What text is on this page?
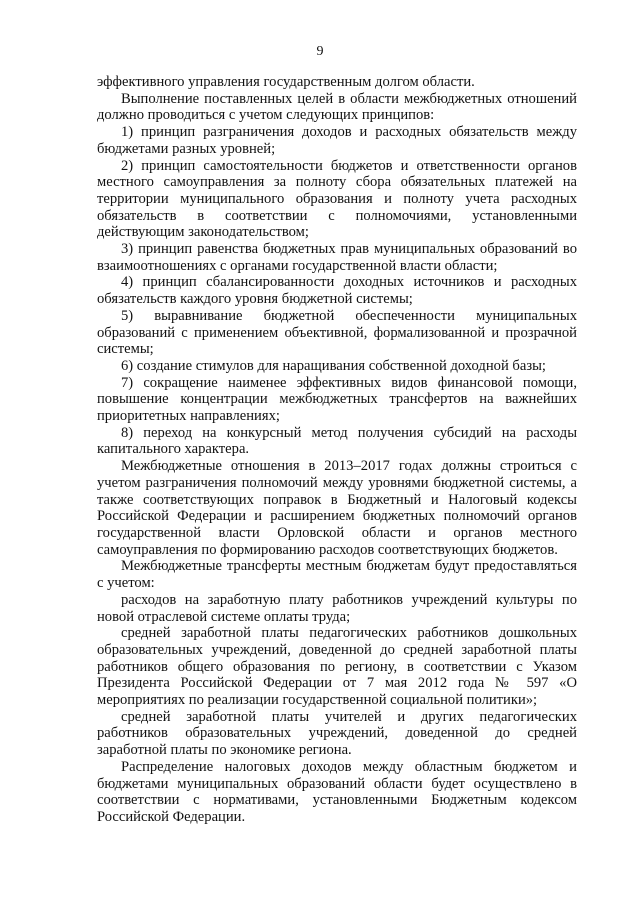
9

эффективного управления государственным долгом области.

Выполнение поставленных целей в области межбюджетных отношений должно проводиться с учетом следующих принципов:

1) принцип разграничения доходов и расходных обязательств между бюджетами разных уровней;

2) принцип самостоятельности бюджетов и ответственности органов местного самоуправления за полноту сбора обязательных платежей на территории муниципального образования и полноту учета расходных обязательств в соответствии с полномочиями, установленными действующим законодательством;

3) принцип равенства бюджетных прав муниципальных образований во взаимоотношениях с органами государственной власти области;

4) принцип сбалансированности доходных источников и расходных обязательств каждого уровня бюджетной системы;

5) выравнивание бюджетной обеспеченности муниципальных образований с применением объективной, формализованной и прозрачной системы;

6) создание стимулов для наращивания собственной доходной базы;

7) сокращение наименее эффективных видов финансовой помощи, повышение концентрации межбюджетных трансфертов на важнейших приоритетных направлениях;

8) переход на конкурсный метод получения субсидий на расходы капитального характера.

Межбюджетные отношения в 2013–2017 годах должны строиться с учетом разграничения полномочий между уровнями бюджетной системы, а также соответствующих поправок в Бюджетный и Налоговый кодексы Российской Федерации и расширением бюджетных полномочий органов государственной власти Орловской области и органов местного самоуправления по формированию расходов соответствующих бюджетов.

Межбюджетные трансферты местным бюджетам будут предоставляться с учетом:

расходов на заработную плату работников учреждений культуры по новой отраслевой системе оплаты труда;

средней заработной платы педагогических работников дошкольных образовательных учреждений, доведенной до средней заработной платы работников общего образования по региону, в соответствии с Указом Президента Российской Федерации от 7 мая 2012 года № 597 «О мероприятиях по реализации государственной социальной политики»;

средней заработной платы учителей и других педагогических работников образовательных учреждений, доведенной до средней заработной платы по экономике региона.

Распределение налоговых доходов между областным бюджетом и бюджетами муниципальных образований области будет осуществлено в соответствии с нормативами, установленными Бюджетным кодексом Российской Федерации.
